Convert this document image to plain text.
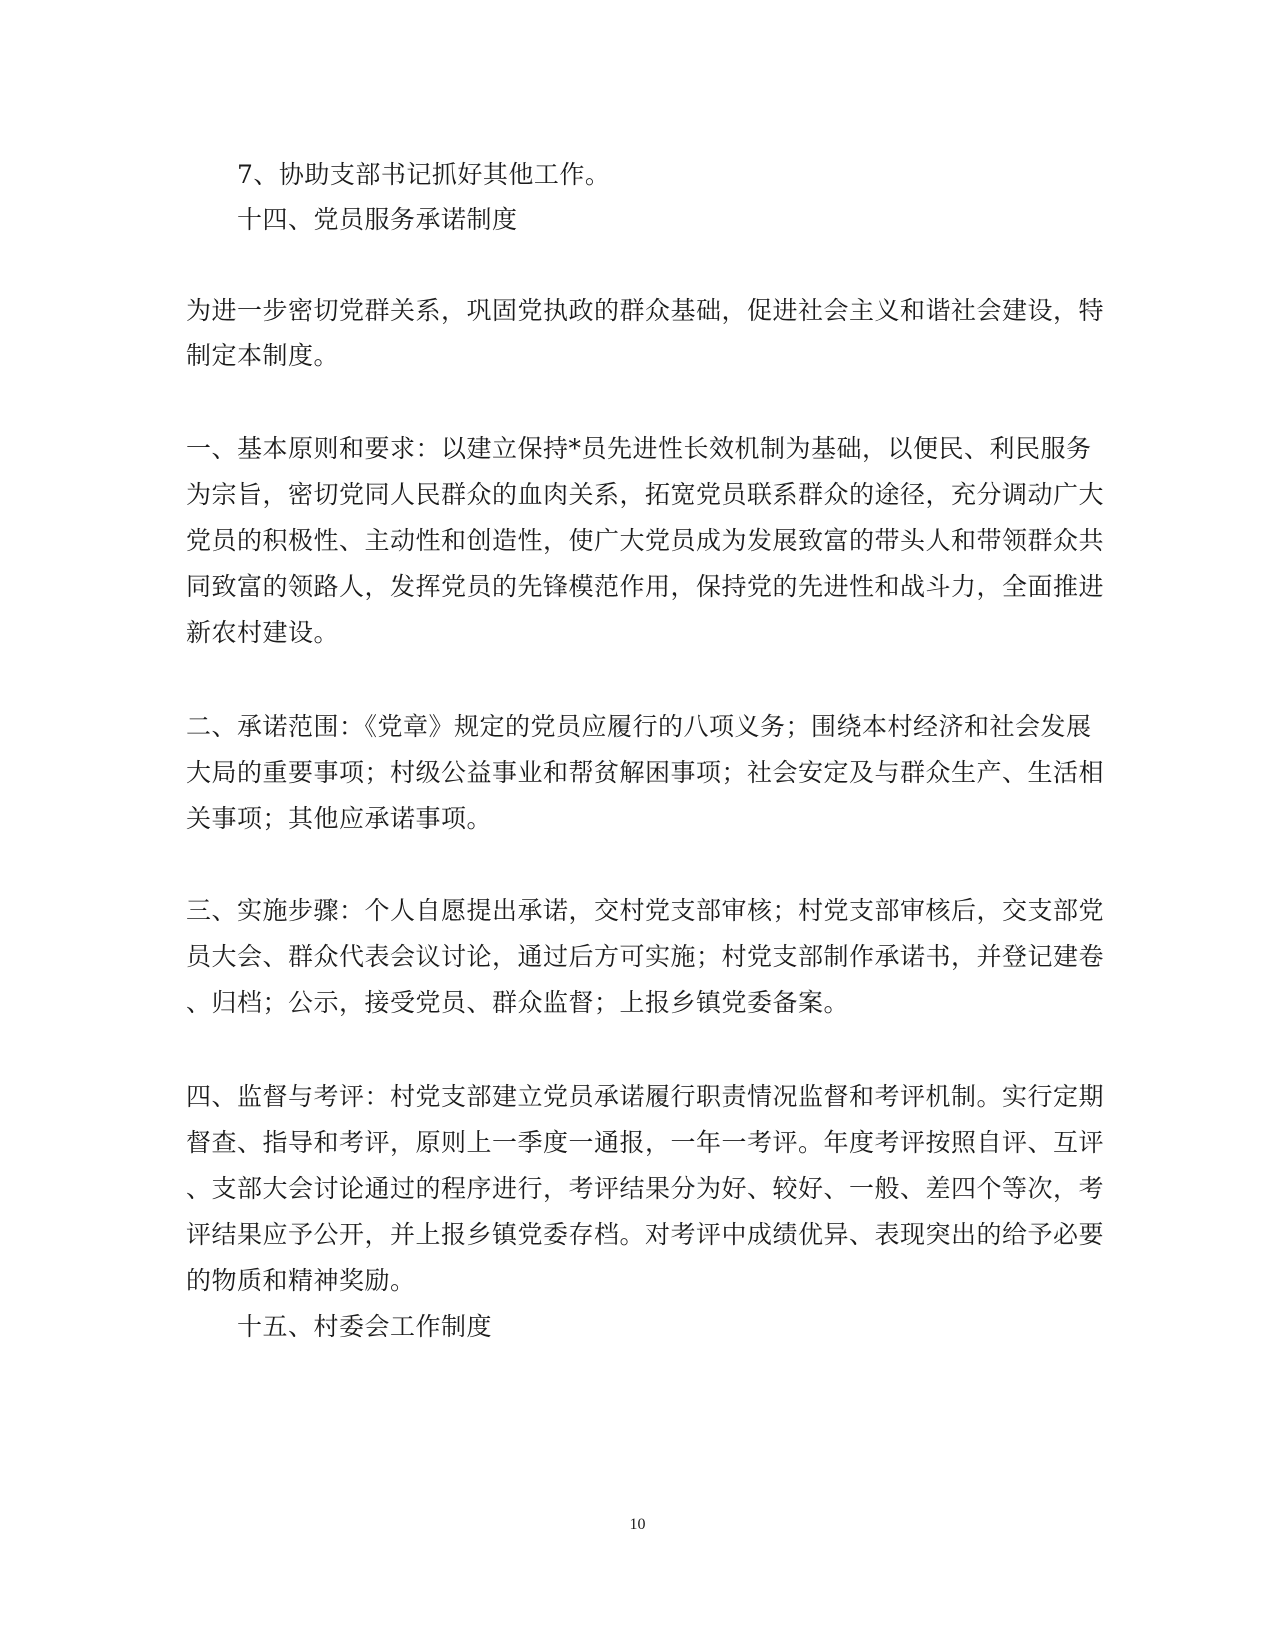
7、协助支部书记抓好其他工作。
十四、党员服务承诺制度
为进一步密切党群关系，巩固党执政的群众基础，促进社会主义和谐社会建设，特
制定本制度。
一、基本原则和要求：以建立保持*员先进性长效机制为基础，以便民、利民服务
为宗旨，密切党同人民群众的血肉关系，拓宽党员联系群众的途径，充分调动广大
党员的积极性、主动性和创造性，使广大党员成为发展致富的带头人和带领群众共
同致富的领路人，发挥党员的先锋模范作用，保持党的先进性和战斗力，全面推进
新农村建设。
二、承诺范围：《党章》规定的党员应履行的八项义务；围绕本村经济和社会发展
大局的重要事项；村级公益事业和帮贫解困事项；社会安定及与群众生产、生活相
关事项；其他应承诺事项。
三、实施步骤：个人自愿提出承诺，交村党支部审核；村党支部审核后，交支部党
员大会、群众代表会议讨论，通过后方可实施；村党支部制作承诺书，并登记建卷
、归档；公示，接受党员、群众监督；上报乡镇党委备案。
四、监督与考评：村党支部建立党员承诺履行职责情况监督和考评机制。实行定期
督查、指导和考评，原则上一季度一通报，一年一考评。年度考评按照自评、互评
、支部大会讨论通过的程序进行，考评结果分为好、较好、一般、差四个等次，考
评结果应予公开，并上报乡镇党委存档。对考评中成绩优异、表现突出的给予必要
的物质和精神奖励。
十五、村委会工作制度
10
